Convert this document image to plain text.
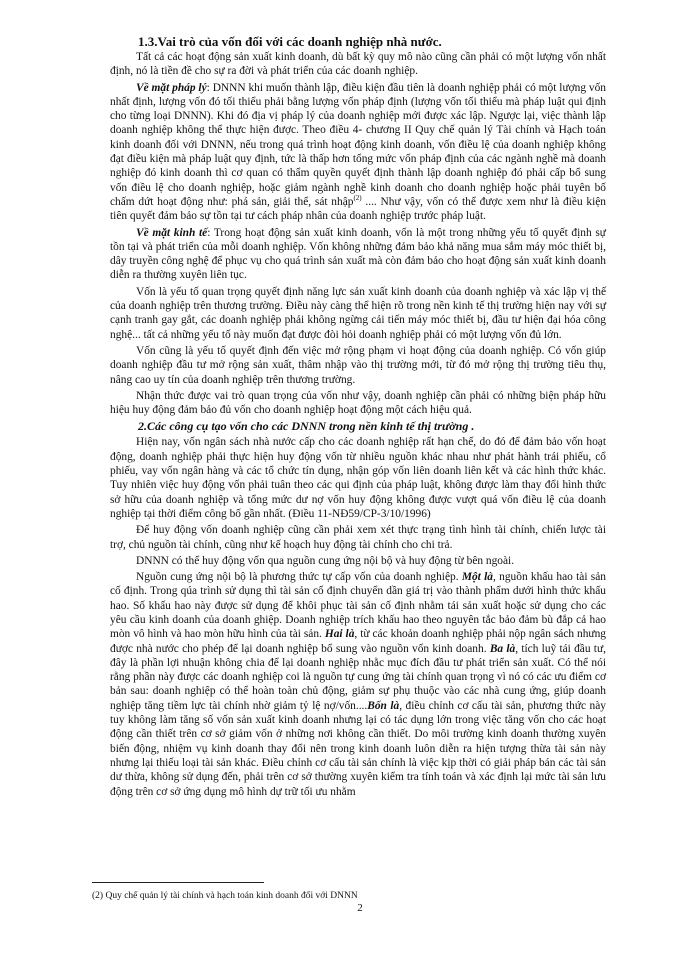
1.3.Vai trò của vốn đối với các doanh nghiệp nhà nước.

Tất cả các hoạt động sản xuất kinh doanh, dù bất kỳ quy mô nào cũng cần phải có một lượng vốn nhất định, nó là tiền đề cho sự ra đời và phát triển của các doanh nghiệp.

Về mặt pháp lý: DNNN khi muốn thành lập, điều kiện đầu tiên là doanh nghiệp phải có một lượng vốn nhất định, lượng vốn đó tối thiểu phải bằng lượng vốn pháp định (lượng vốn tối thiểu mà pháp luật qui định cho từng loại DNNN). Khi đó địa vị pháp lý của doanh nghiệp mới được xác lập. Ngược lại, việc thành lập doanh nghiệp không thể thực hiện được. Theo điều 4- chương II Quy chế quản lý Tài chính và Hạch toán kinh doanh đối với DNNN, nếu trong quá trình hoạt động kinh doanh, vốn điều lệ của doanh nghiệp không đạt điều kiện mà pháp luật quy định, tức là thấp hơn tổng mức vốn pháp định của các ngành nghề mà doanh nghiệp đó kinh doanh thì cơ quan có thẩm quyền quyết định thành lập doanh nghiệp đó phải cấp bổ sung vốn điều lệ cho doanh nghiệp, hoặc giảm ngành nghề kinh doanh cho doanh nghiệp hoặc phải tuyên bố chấm dứt hoạt động như: phá sản, giải thể, sát nhập$^{(2)}$ .... Như vậy, vốn có thể được xem như là điều kiện tiên quyết đảm bảo sự tồn tại tư cách pháp nhân của doanh nghiệp trước pháp luật.

Về mặt kinh tế: Trong hoạt động sản xuất kinh doanh, vốn là một trong những yếu tố quyết định sự tồn tại và phát triển của mỗi doanh nghiệp. Vốn không những đảm bảo khả năng mua sắm máy móc thiết bị, dây truyền công nghệ để phục vụ cho quá trình sản xuất mà còn đảm bảo cho hoạt động sản xuất kinh doanh diễn ra thường xuyên liên tục.

Vốn là yếu tố quan trọng quyết định năng lực sản xuất kinh doanh của doanh nghiệp và xác lập vị thế của doanh nghiệp trên thương trường. Điều này càng thể hiện rõ trong nền kinh tế thị trường hiện nay với sự cạnh tranh gay gắt, các doanh nghiệp phải không ngừng cải tiến máy móc thiết bị, đầu tư hiện đại hóa công nghệ... tất cả những yếu tố này muốn đạt được đòi hỏi doanh nghiệp phải có một lượng vốn đủ lớn.

Vốn cũng là yếu tố quyết định đến việc mở rộng phạm vi hoạt động của doanh nghiệp. Có vốn giúp doanh nghiệp đầu tư mở rộng sản xuất, thâm nhập vào thị trường mới, từ đó mở rộng thị trường tiêu thụ, nâng cao uy tín của doanh nghiệp trên thương trường.

Nhận thức được vai trò quan trọng của vốn như vậy, doanh nghiệp cần phải có những biện pháp hữu hiệu huy động đảm bảo đủ vốn cho doanh nghiệp hoạt động một cách hiệu quả.

2.Các công cụ tạo vốn cho các DNNN trong nền kinh tế thị trường .

Hiện nay, vốn ngân sách nhà nước cấp cho các doanh nghiệp rất hạn chế, do đó để đảm bảo vốn hoạt động, doanh nghiệp phải thực hiện huy động vốn từ nhiều nguồn khác nhau như phát hành trái phiếu, cổ phiếu, vay vốn ngân hàng và các tổ chức tín dụng, nhận góp vốn liên doanh liên kết và các hình thức khác. Tuy nhiên việc huy động vốn phải tuân theo các qui định của pháp luật, không được làm thay đổi hình thức sở hữu của doanh nghiệp và tổng mức dư nợ vốn huy động không được vượt quá vốn điều lệ của doanh nghiệp tại thời điểm công bố gần nhất. (Điều 11-NĐ59/CP-3/10/1996)

Để huy động vốn doanh nghiệp cũng cần phải xem xét thực trạng tình hình tài chính, chiến lược tài trợ, chủ nguồn tài chính, cũng như kế hoạch huy động tài chính cho chi trả.

DNNN có thể huy động vốn qua nguồn cung ứng nội bộ và huy động từ bên ngoài.

Nguồn cung ứng nội bộ là phương thức tự cấp vốn của doanh nghiệp. Một là, nguồn khấu hao tài sản cố định. Trong qúa trình sử dụng thì tài sản cố định chuyển dần giá trị vào thành phẩm dưới hình thức khấu hao. Số khấu hao này được sử dụng để khôi phục tài sản cố định nhằm tái sản xuất hoặc sử dụng cho các yêu cầu kinh doanh của doanh ghiệp. Doanh nghiệp trích khấu hao theo nguyên tắc bảo đảm bù đắp cả hao mòn vô hình và hao mòn hữu hình của tài sản. Hai là, từ các khoản doanh nghiệp phải nộp ngân sách nhưng được nhà nước cho phép để lại doanh nghiệp bổ sung vào nguồn vốn kinh doanh. Ba là, tích luỹ tái đầu tư, đây là phần lợi nhuận không chia để lại doanh nghiệp nhằc mục đích đầu tư phát triển sản xuất. Có thể nói rằng phần này được các doanh nghiệp coi là nguồn tự cung ứng tài chính quan trọng vì nó có các ưu điểm cơ bản sau: doanh nghiệp có thể hoàn toàn chủ động, giảm sự phụ thuộc vào các nhà cung ứng, giúp doanh nghiệp tăng tiềm lực tài chính nhờ giảm tỷ lệ nợ/vốn....Bốn là, điều chỉnh cơ cấu tài sản, phương thức này tuy không làm tăng số vốn sản xuất kinh doanh nhưng lại có tác dụng lớn trong việc tăng vốn cho các hoạt động cần thiết trên cơ sở giảm vốn ở những nơi không cần thiết. Do môi trường kinh doanh thường xuyên biến động, nhiệm vụ kinh doanh thay đổi nên trong kinh doanh luôn diễn ra hiện tượng thừa tài sản này nhưng lại thiếu loại tài sản khác. Điều chỉnh cơ cấu tài sản chính là việc kịp thời có giải pháp bán các tài sản dư thừa, không sử dụng đến, phải trên cơ sở thường xuyên kiểm tra tính toán và xác định lại mức tài sản lưu động trên cơ sở ứng dụng mô hình dự trữ tối ưu nhằm

(2) Quy chế quản lý tài chính và hạch toán kinh doanh đối với DNNN
2
